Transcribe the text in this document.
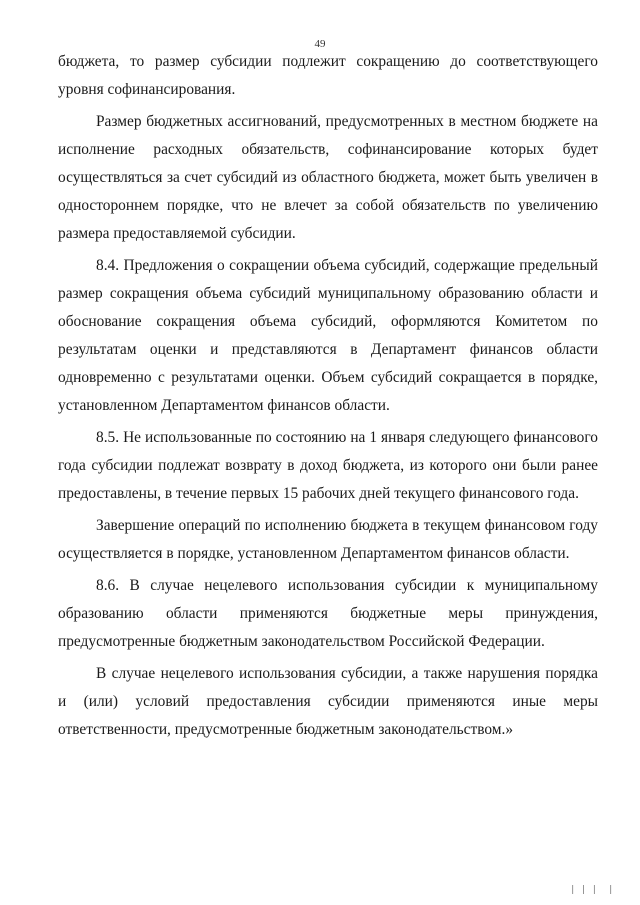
49

бюджета, то размер субсидии подлежит сокращению до соответствующего уровня софинансирования.

Размер бюджетных ассигнований, предусмотренных в местном бюджете на исполнение расходных обязательств, софинансирование которых будет осуществляться за счет субсидий из областного бюджета, может быть увеличен в одностороннем порядке, что не влечет за собой обязательств по увеличению размера предоставляемой субсидии.

8.4. Предложения о сокращении объема субсидий, содержащие предельный размер сокращения объема субсидий муниципальному образованию области и обоснование сокращения объема субсидий, оформляются Комитетом по результатам оценки и представляются в Департамент финансов области одновременно с результатами оценки. Объем субсидий сокращается в порядке, установленном Департаментом финансов области.

8.5. Не использованные по состоянию на 1 января следующего финансового года субсидии подлежат возврату в доход бюджета, из которого они были ранее предоставлены, в течение первых 15 рабочих дней текущего финансового года.

Завершение операций по исполнению бюджета в текущем финансовом году осуществляется в порядке, установленном Департаментом финансов области.

8.6. В случае нецелевого использования субсидии к муниципальному образованию области применяются бюджетные меры принуждения, предусмотренные бюджетным законодательством Российской Федерации.

В случае нецелевого использования субсидии, а также нарушения порядка и (или) условий предоставления субсидии применяются иные меры ответственности, предусмотренные бюджетным законодательством.»

| | | |
